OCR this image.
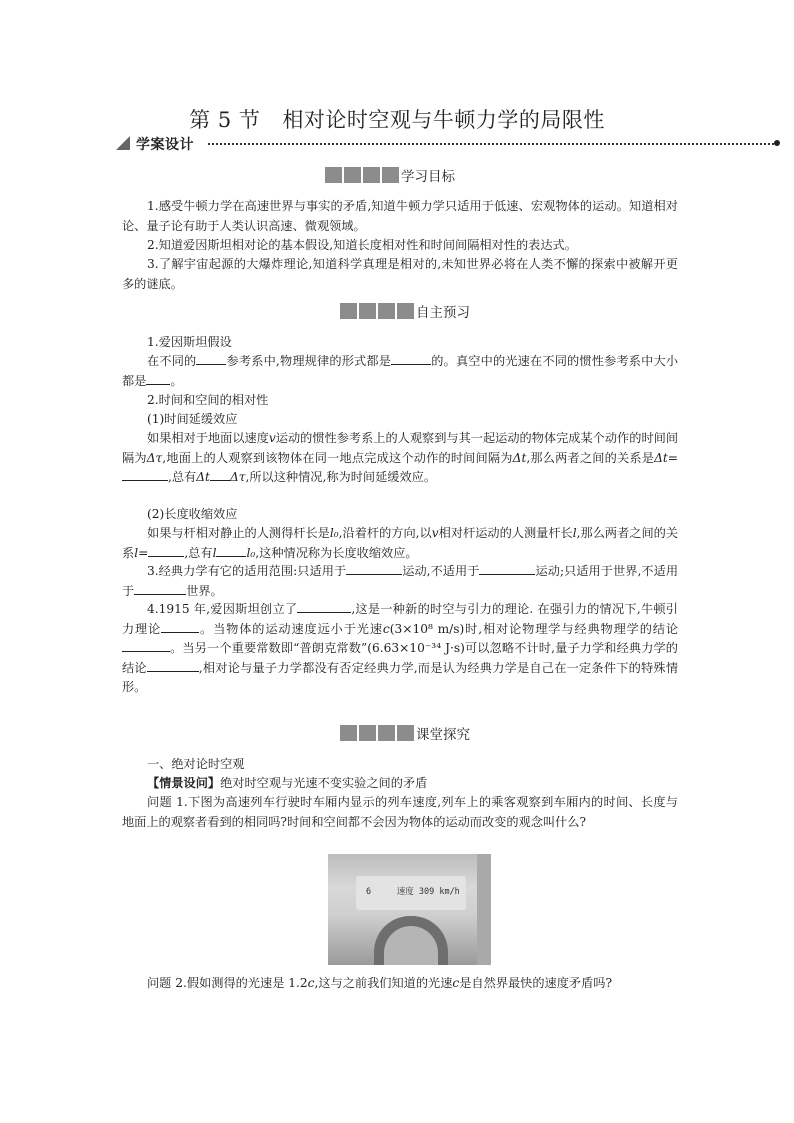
第 5 节 相对论时空观与牛顿力学的局限性
学案设计
学习目标
1.感受牛顿力学在高速世界与事实的矛盾,知道牛顿力学只适用于低速、宏观物体的运动。知道相对论、量子论有助于人类认识高速、微观领域。
2.知道爱因斯坦相对论的基本假设,知道长度相对性和时间间隔相对性的表达式。
3.了解宇宙起源的大爆炸理论,知道科学真理是相对的,未知世界必将在人类不懈的探索中被解开更多的谜底。
自主预习
1.爱因斯坦假设
在不同的 参考系中,物理规律的形式都是	的。真空中的光速在不同的惯性参考系中大小都是 。
2.时间和空间的相对性
(1)时间延缓效应
如果相对于地面以速度v运动的惯性参考系上的人观察到与其一起运动的物体完成某个动作的时间间隔为Δτ,地面上的人观察到该物体在同一地点完成这个动作的时间间隔为Δt,那么两者之间的关系是Δt=,总有Δt Δτ,所以这种情况,称为时间延缓效应。
(2)长度收缩效应
如果与杆相对静止的人测得杆长是l₀,沿着杆的方向,以v相对杆运动的人测量杆长l,那么两者之间的关系l=	,总有l l₀,这种情况称为长度收缩效应。
3.经典力学有它的适用范围:只适用于	运动,不适用于	运动;只适用于世界,不适用于	世界。
4.1915 年,爱因斯坦创立了	,这是一种新的时空与引力的理论. 在强引力的情况下,牛顿引力理论	。当物体的运动速度远小于光速c(3×10⁸ m/s)时,相对论物理学与经典物理学的结论。当另一个重要常数即“普朗克常数”(6.63×10⁻³⁴ J·s)可以忽略不计时,量子力学和经典力学的结论	,相对论与量子力学都没有否定经典力学,而是认为经典力学是自己在一定条件下的特殊情形。
课堂探究
一、绝对论时空观
【情景设问】绝对时空观与光速不变实验之间的矛盾
问题 1.下图为高速列车行驶时车厢内显示的列车速度,列车上的乘客观察到车厢内的时间、长度与地面上的观察者看到的相同吗?时间和空间都不会因为物体的运动而改变的观念叫什么?
6	速度 309 km/h
问题 2.假如测得的光速是 1.2c,这与之前我们知道的光速c是自然界最快的速度矛盾吗?
